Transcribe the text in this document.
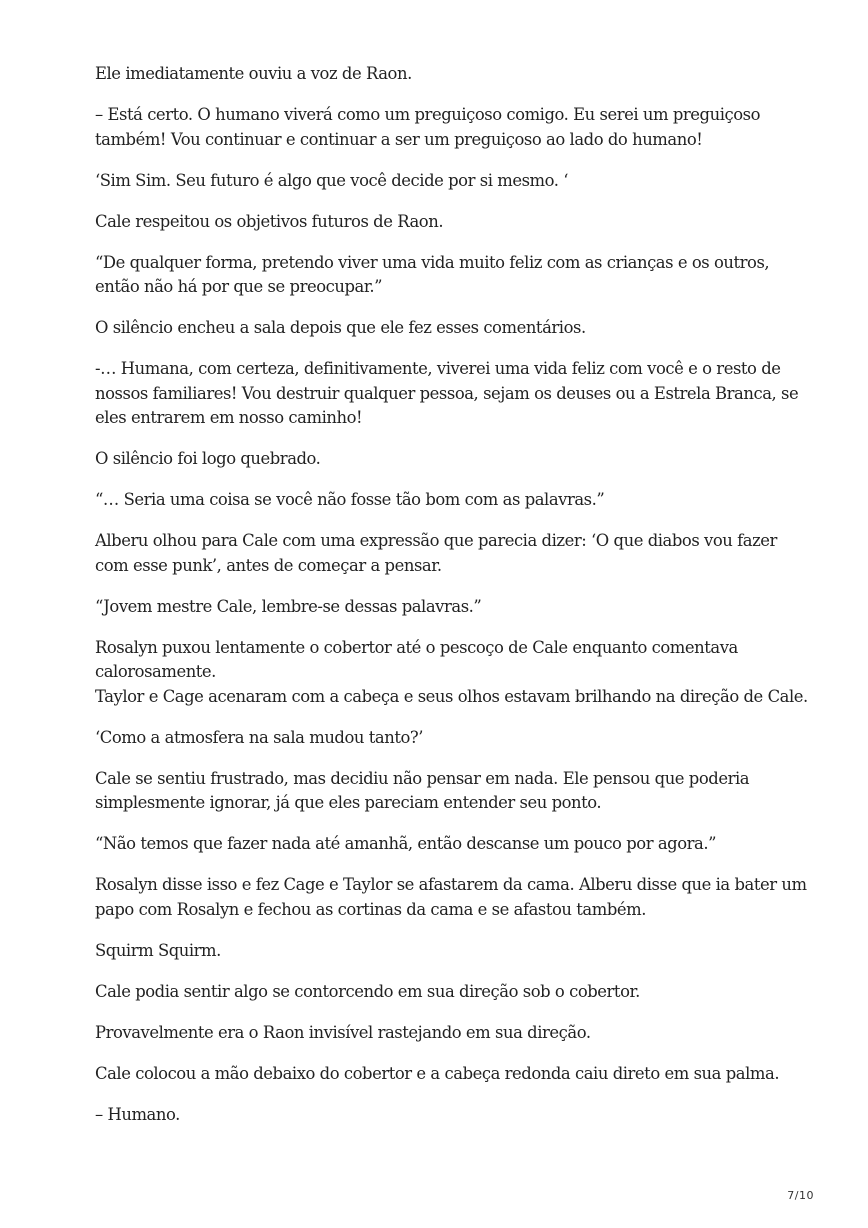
Ele imediatamente ouviu a voz de Raon.

– Está certo. O humano viverá como um preguiçoso comigo. Eu serei um preguiçoso
também! Vou continuar e continuar a ser um preguiçoso ao lado do humano!

‘Sim Sim. Seu futuro é algo que você decide por si mesmo. ‘

Cale respeitou os objetivos futuros de Raon.

“De qualquer forma, pretendo viver uma vida muito feliz com as crianças e os outros,
então não há por que se preocupar.”

O silêncio encheu a sala depois que ele fez esses comentários.

-… Humana, com certeza, definitivamente, viverei uma vida feliz com você e o resto de
nossos familiares! Vou destruir qualquer pessoa, sejam os deuses ou a Estrela Branca, se
eles entrarem em nosso caminho!

O silêncio foi logo quebrado.

“… Seria uma coisa se você não fosse tão bom com as palavras.”

Alberu olhou para Cale com uma expressão que parecia dizer: ‘O que diabos vou fazer
com esse punk’, antes de começar a pensar.

“Jovem mestre Cale, lembre-se dessas palavras.”

Rosalyn puxou lentamente o cobertor até o pescoço de Cale enquanto comentava
calorosamente.
Taylor e Cage acenaram com a cabeça e seus olhos estavam brilhando na direção de Cale.

‘Como a atmosfera na sala mudou tanto?’

Cale se sentiu frustrado, mas decidiu não pensar em nada. Ele pensou que poderia
simplesmente ignorar, já que eles pareciam entender seu ponto.

“Não temos que fazer nada até amanhã, então descanse um pouco por agora.”

Rosalyn disse isso e fez Cage e Taylor se afastarem da cama. Alberu disse que ia bater um
papo com Rosalyn e fechou as cortinas da cama e se afastou também.

Squirm Squirm.

Cale podia sentir algo se contorcendo em sua direção sob o cobertor.

Provavelmente era o Raon invisível rastejando em sua direção.

Cale colocou a mão debaixo do cobertor e a cabeça redonda caiu direto em sua palma.

– Humano.

7/10
